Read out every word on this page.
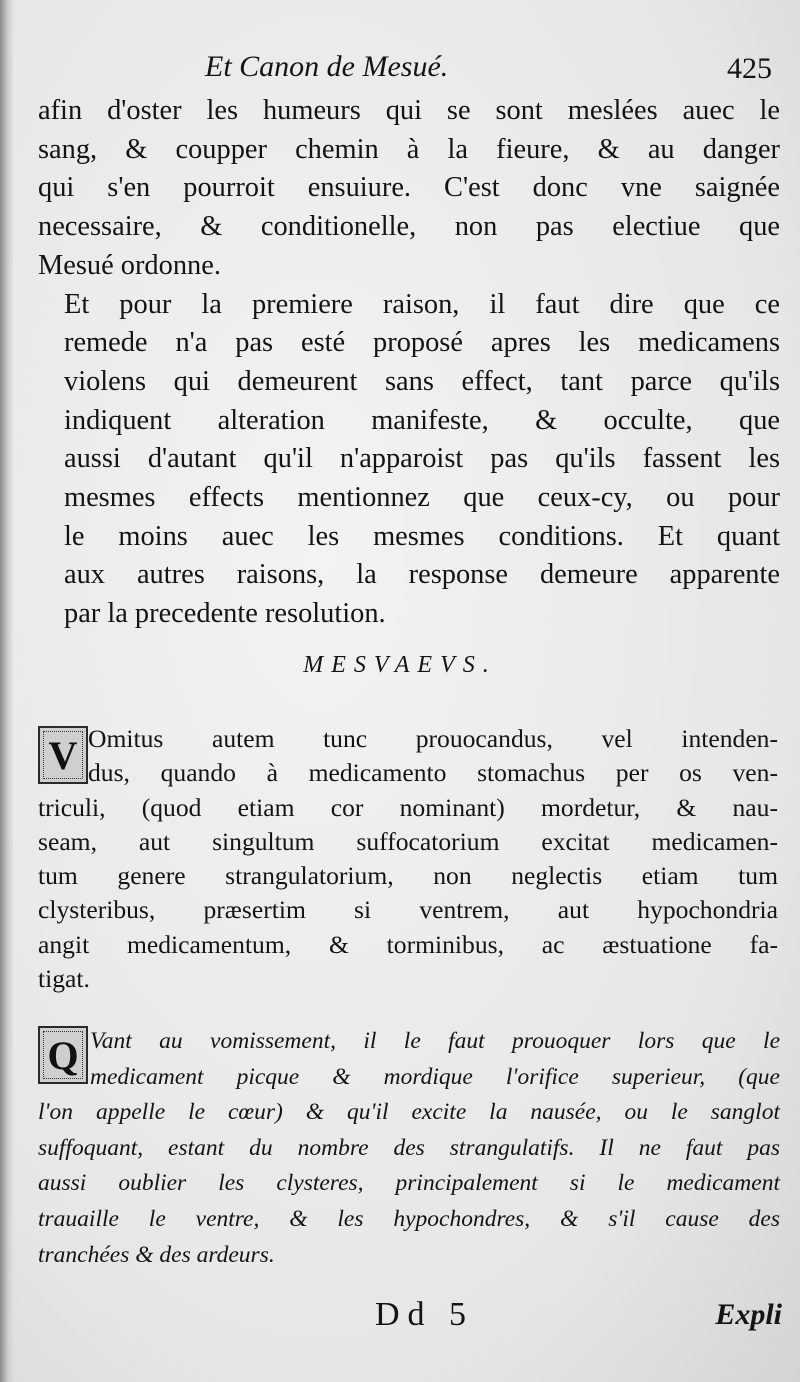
Et Canon de Mesué.	425

afin d'oster les humeurs qui se sont meslées auec le
sang, & coupper chemin à la fieure, & au danger
qui s'en pourroit ensuiure. C'est donc vne saignée
necessaire, & conditionelle, non pas electiue que
Mesué ordonne.

Et pour la premiere raison, il faut dire que ce
remede n'a pas esté proposé apres les medicamens
violens qui demeurent sans effect, tant parce qu'ils
indiquent alteration manifeste, & occulte, que
aussi d'autant qu'il n'apparoist pas qu'ils fassent les
mesmes effects mentionnez que ceux-cy, ou pour
le moins auec les mesmes conditions. Et quant
aux autres raisons, la response demeure apparente
par la precedente resolution.

MESVAEVS.
V Omitus autem tunc prouocandus, vel intenden-
dus, quando à medicamento stomachus per os ven-
triculi, (quod etiam cor nominant) mordetur, & nau-
seam, aut singultum suffocatorium excitat medicamen-
tum genere strangulatorium, non neglectis etiam tum
clysteribus, præsertim si ventrem, aut hypochondria
angit medicamentum, & torminibus, ac æstuatione fa-
tigat.
Q Vant au vomissement, il le faut prouoquer lors que le
medicament picque & mordique l'orifice superieur, (que
l'on appelle le cœur) & qu'il excite la nausée, ou le sanglot
suffoquant, estant du nombre des strangulatifs. Il ne faut pas
aussi oublier les clysteres, principalement si le medicament
trauaille le ventre, & les hypochondres, & s'il cause des
tranchées & des ardeurs.
Dd 5	Expli
